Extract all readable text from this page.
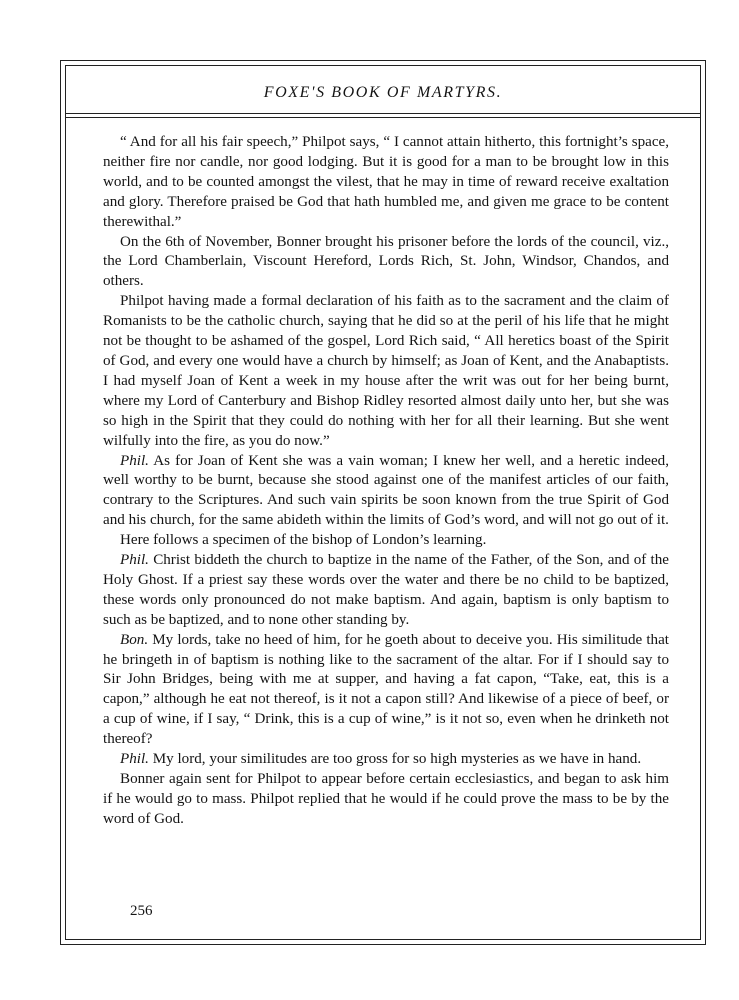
FOXE'S BOOK OF MARTYRS.

“ And for all his fair speech,” Philpot says, “ I cannot attain hitherto, this fortnight’s space, neither fire nor candle, nor good lodging. But it is good for a man to be brought low in this world, and to be counted amongst the vilest, that he may in time of reward receive exaltation and glory. Therefore praised be God that hath humbled me, and given me grace to be content therewithal.”

On the 6th of November, Bonner brought his prisoner before the lords of the council, viz., the Lord Chamberlain, Viscount Hereford, Lords Rich, St. John, Windsor, Chandos, and others.

Philpot having made a formal declaration of his faith as to the sacrament and the claim of Romanists to be the catholic church, saying that he did so at the peril of his life that he might not be thought to be ashamed of the gospel, Lord Rich said, “ All heretics boast of the Spirit of God, and every one would have a church by himself; as Joan of Kent, and the Anabaptists. I had myself Joan of Kent a week in my house after the writ was out for her being burnt, where my Lord of Canterbury and Bishop Ridley resorted almost daily unto her, but she was so high in the Spirit that they could do nothing with her for all their learning. But she went wilfully into the fire, as you do now.”

Phil. As for Joan of Kent she was a vain woman; I knew her well, and a heretic indeed, well worthy to be burnt, because she stood against one of the manifest articles of our faith, contrary to the Scriptures. And such vain spirits be soon known from the true Spirit of God and his church, for the same abideth within the limits of God’s word, and will not go out of it.

Here follows a specimen of the bishop of London’s learning.

Phil. Christ biddeth the church to baptize in the name of the Father, of the Son, and of the Holy Ghost. If a priest say these words over the water and there be no child to be baptized, these words only pronounced do not make baptism. And again, baptism is only baptism to such as be baptized, and to none other standing by.

Bon. My lords, take no heed of him, for he goeth about to deceive you. His similitude that he bringeth in of baptism is nothing like to the sacrament of the altar. For if I should say to Sir John Bridges, being with me at supper, and having a fat capon, “Take, eat, this is a capon,” although he eat not thereof, is it not a capon still? And likewise of a piece of beef, or a cup of wine, if I say, “ Drink, this is a cup of wine,” is it not so, even when he drinketh not thereof?

Phil. My lord, your similitudes are too gross for so high mysteries as we have in hand.

Bonner again sent for Philpot to appear before certain ecclesiastics, and began to ask him if he would go to mass. Philpot replied that he would if he could prove the mass to be by the word of God.

256
